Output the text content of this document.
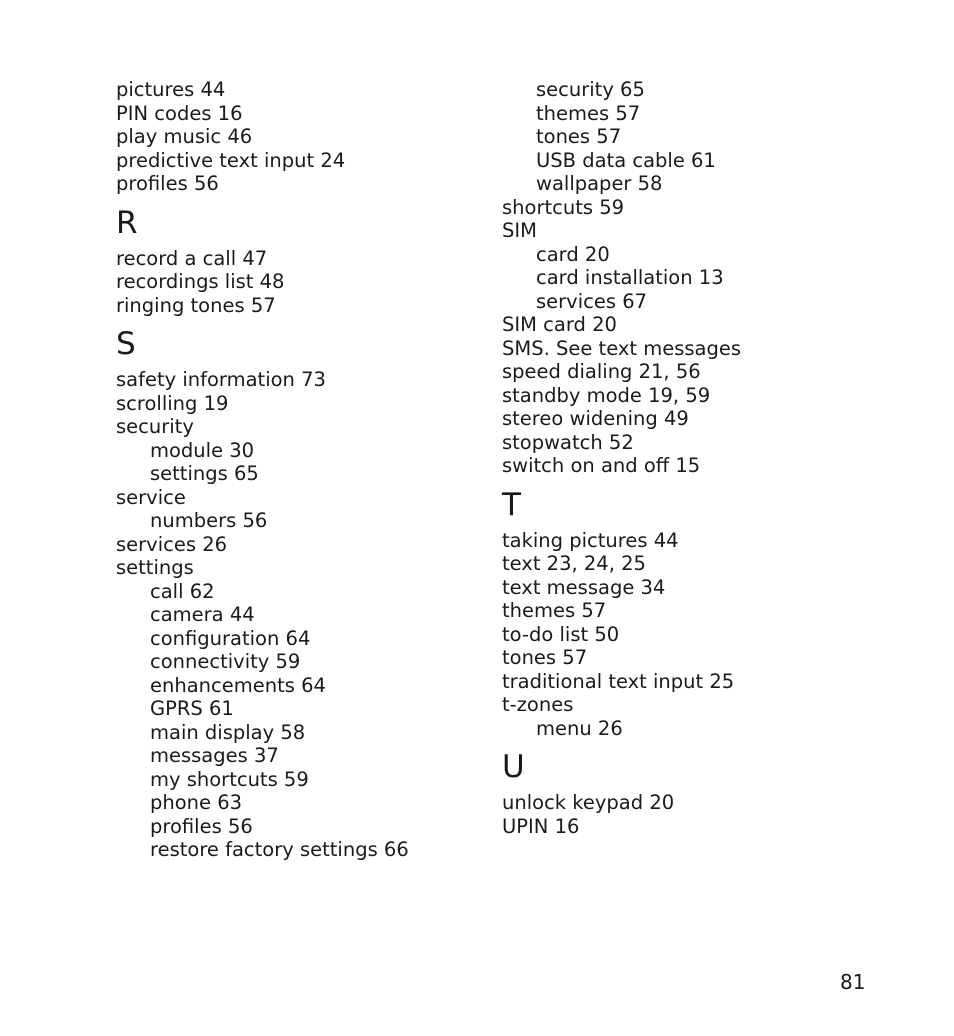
pictures 44
PIN codes 16
play music 46
predictive text input 24
profiles 56
R
record a call 47
recordings list 48
ringing tones 57
S
safety information 73
scrolling 19
security
module 30
settings 65
service
numbers 56
services 26
settings
call 62
camera 44
configuration 64
connectivity 59
enhancements 64
GPRS 61
main display 58
messages 37
my shortcuts 59
phone 63
profiles 56
restore factory settings 66
security 65
themes 57
tones 57
USB data cable 61
wallpaper 58
shortcuts 59
SIM
card 20
card installation 13
services 67
SIM card 20
SMS. See text messages
speed dialing 21, 56
standby mode 19, 59
stereo widening 49
stopwatch 52
switch on and off 15
T
taking pictures 44
text 23, 24, 25
text message 34
themes 57
to-do list 50
tones 57
traditional text input 25
t-zones
menu 26
U
unlock keypad 20
UPIN 16
81
